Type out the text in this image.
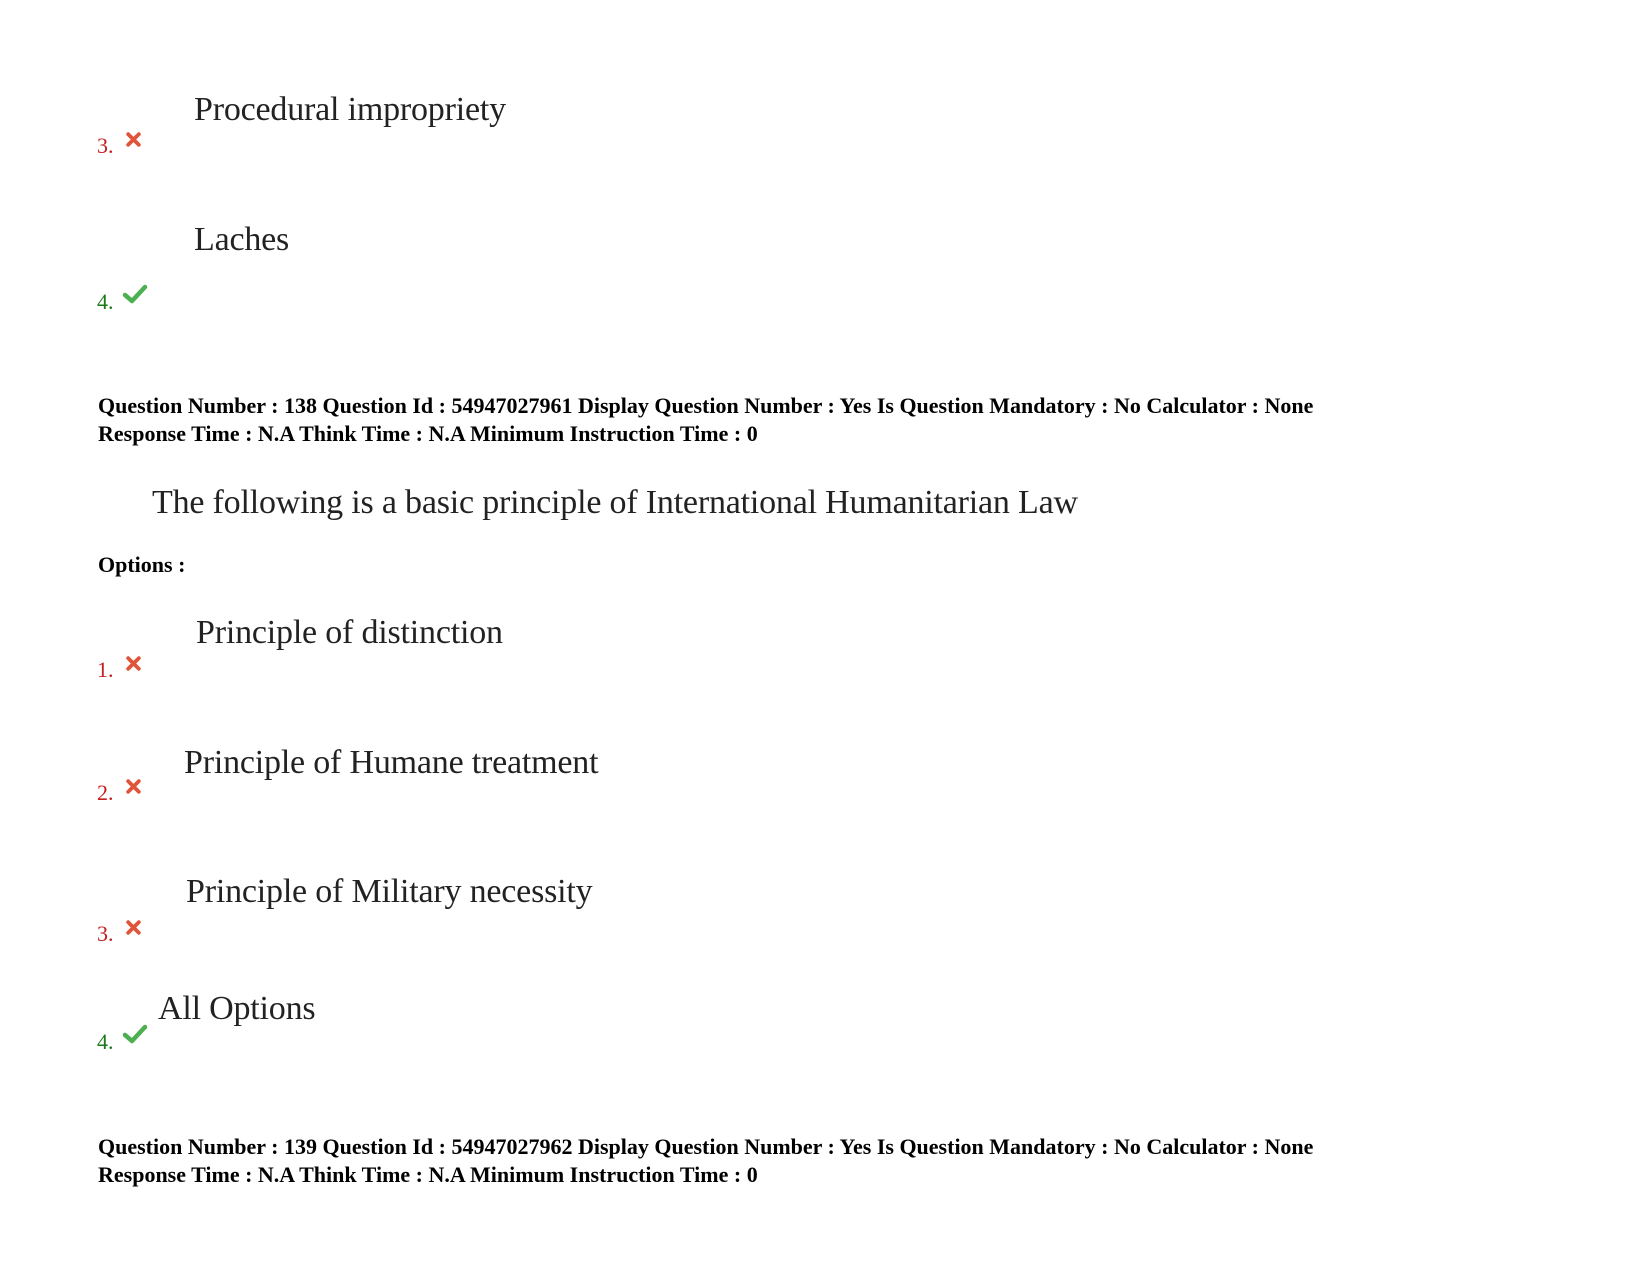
Procedural impropriety
3.
Laches
4.
Question Number : 138 Question Id : 54947027961 Display Question Number : Yes Is Question Mandatory : No Calculator : None
Response Time : N.A Think Time : N.A Minimum Instruction Time : 0
The following is a basic principle of International Humanitarian Law
Options :
Principle of distinction
1.
Principle of Humane treatment
2.
Principle of Military necessity
3.
All Options
4.
Question Number : 139 Question Id : 54947027962 Display Question Number : Yes Is Question Mandatory : No Calculator : None
Response Time : N.A Think Time : N.A Minimum Instruction Time : 0
